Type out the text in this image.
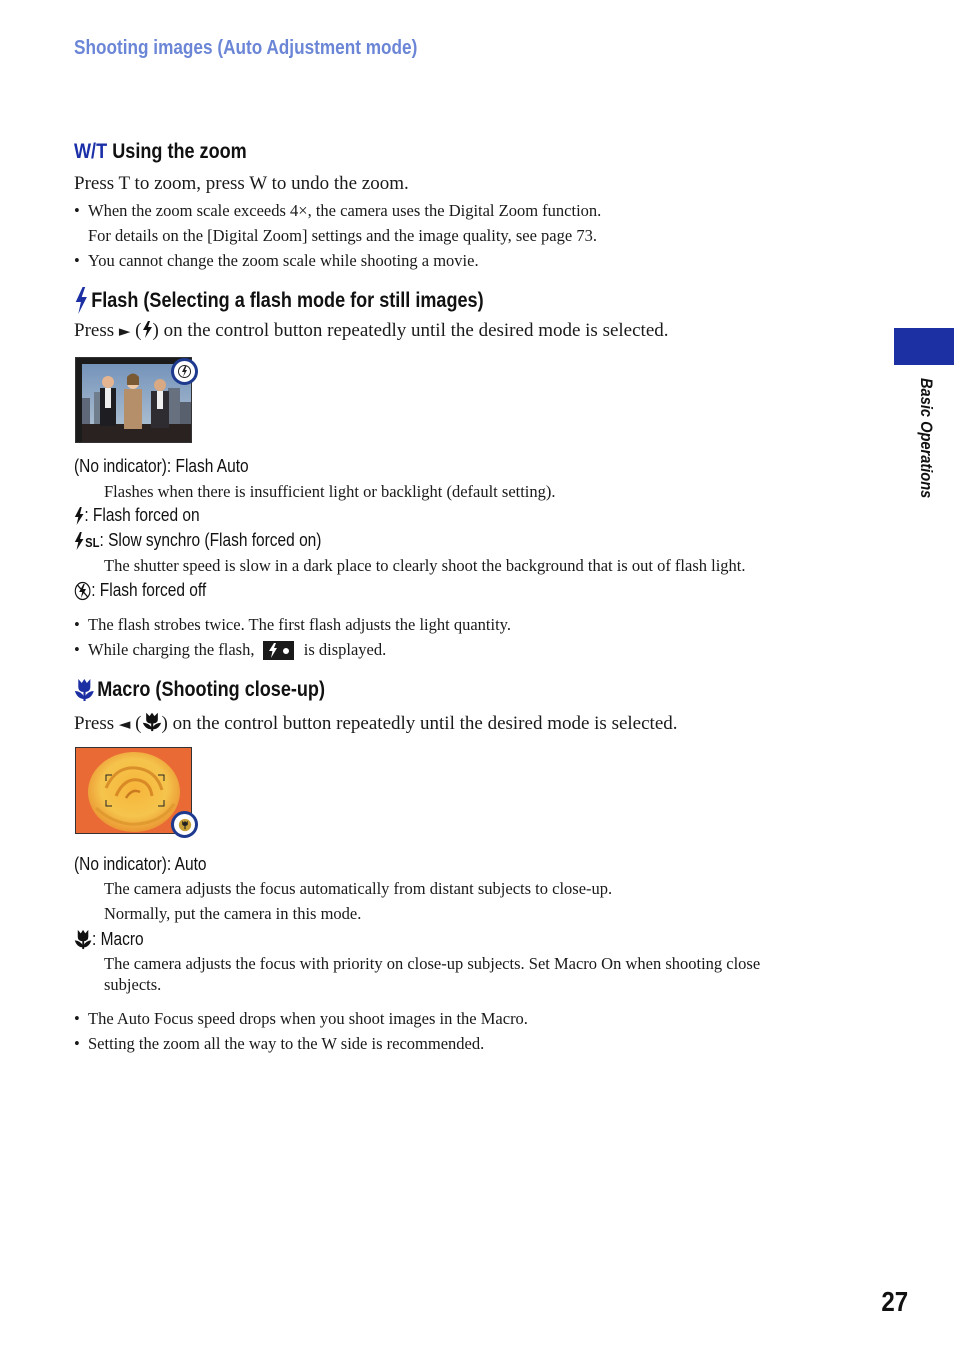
Shooting images (Auto Adjustment mode)
Basic Operations
W/T Using the zoom
Press T to zoom, press W to undo the zoom.
• When the zoom scale exceeds 4×, the camera uses the Digital Zoom function.
For details on the [Digital Zoom] settings and the image quality, see page 73.
• You cannot change the zoom scale while shooting a movie.
Flash (Selecting a flash mode for still images)
Press ► ( ) on the control button repeatedly until the desired mode is selected.
(No indicator): Flash Auto
Flashes when there is insufficient light or backlight (default setting).
: Flash forced on
SL : Slow synchro (Flash forced on)
The shutter speed is slow in a dark place to clearly shoot the background that is out of flash light.
: Flash forced off
• The flash strobes twice. The first flash adjusts the light quantity.
• While charging the flash,	is displayed.
Macro (Shooting close-up)
Press ◄ ( ) on the control button repeatedly until the desired mode is selected.
(No indicator): Auto
The camera adjusts the focus automatically from distant subjects to close-up.
Normally, put the camera in this mode.
: Macro
The camera adjusts the focus with priority on close-up subjects. Set Macro On when shooting close
subjects.
• The Auto Focus speed drops when you shoot images in the Macro.
• Setting the zoom all the way to the W side is recommended.
27
